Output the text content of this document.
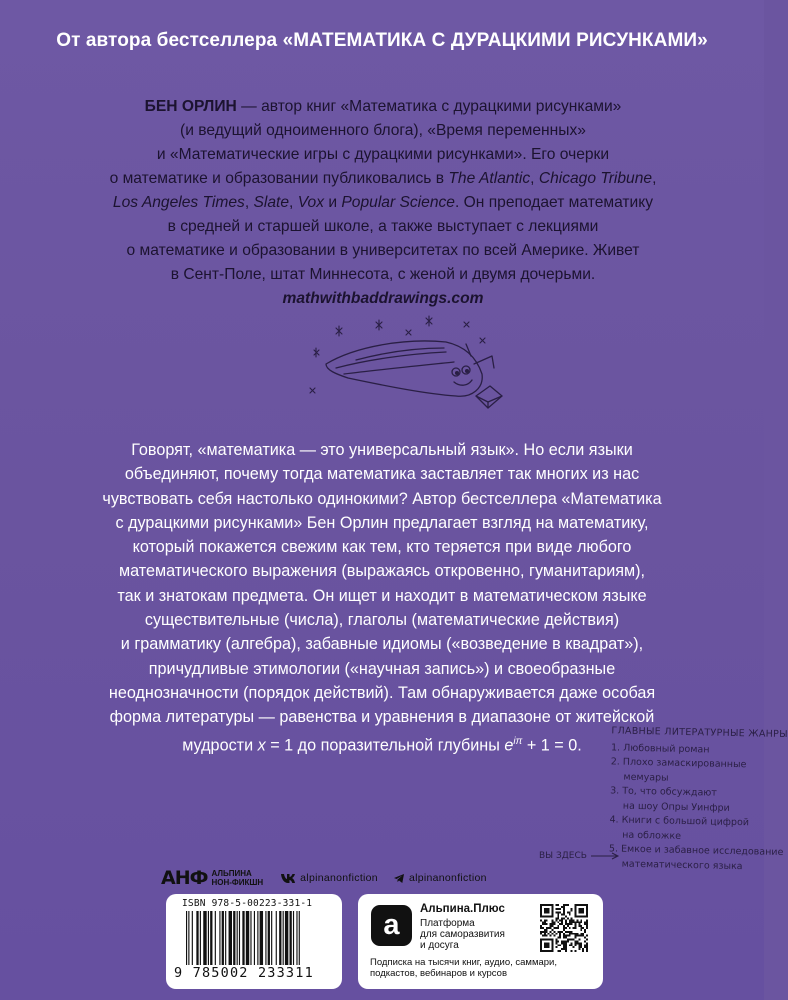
От автора бестселлера «МАТЕМАТИКА С ДУРАЦКИМИ РИСУНКАМИ»
БЕН ОРЛИН — автор книг «Математика с дурацкими рисунками»
(и ведущий одноименного блога), «Время переменных»
и «Математические игры с дурацкими рисунками». Его очерки
о математике и образовании публиковались в The Atlantic, Chicago Tribune,
Los Angeles Times, Slate, Vox и Popular Science. Он преподает математику
в средней и старшей школе, а также выступает с лекциями
о математике и образовании в университетах по всей Америке. Живет
в Сент-Поле, штат Миннесота, с женой и двумя дочерьми.
mathwithbaddrawings.com
Говорят, «математика — это универсальный язык». Но если языки
объединяют, почему тогда математика заставляет так многих из нас
чувствовать себя настолько одинокими? Автор бестселлера «Математика
с дурацкими рисунками» Бен Орлин предлагает взгляд на математику,
который покажется свежим как тем, кто теряется при виде любого
математического выражения (выражаясь откровенно, гуманитариям),
так и знатокам предмета. Он ищет и находит в математическом языке
существительные (числа), глаголы (математические действия)
и грамматику (алгебра), забавные идиомы («возведение в квадрат»),
причудливые этимологии («научная запись») и своеобразные
неоднозначности (порядок действий). Там обнаруживается даже особая
форма литературы — равенства и уравнения в диапазоне от житейской
мудрости x = 1 до поразительной глубины $e^{i\pi} + 1 = 0$.
ГЛАВНЫЕ ЛИТЕРАТУРНЫЕ ЖАНРЫ
1. Любовный роман
2. Плохо замаскированные
мемуары
3. То, что обсуждают
на шоу Опры Уинфри
4. Книги с большой цифрой
на обложке
5. Емкое и забавное исследование
математического языка
ВЫ ЗДЕСЬ
АНФ АЛЬПИНА
НОН-ФИКШН	alpinanonfiction	alpinanonfiction
ISBN 978-5-00223-331-1
9 785002 233311
a	Альпина.Плюс
Платформа
для саморазвития
и досуга
Подписка на тысячи книг, аудио, саммари,
подкастов, вебинаров и курсов
